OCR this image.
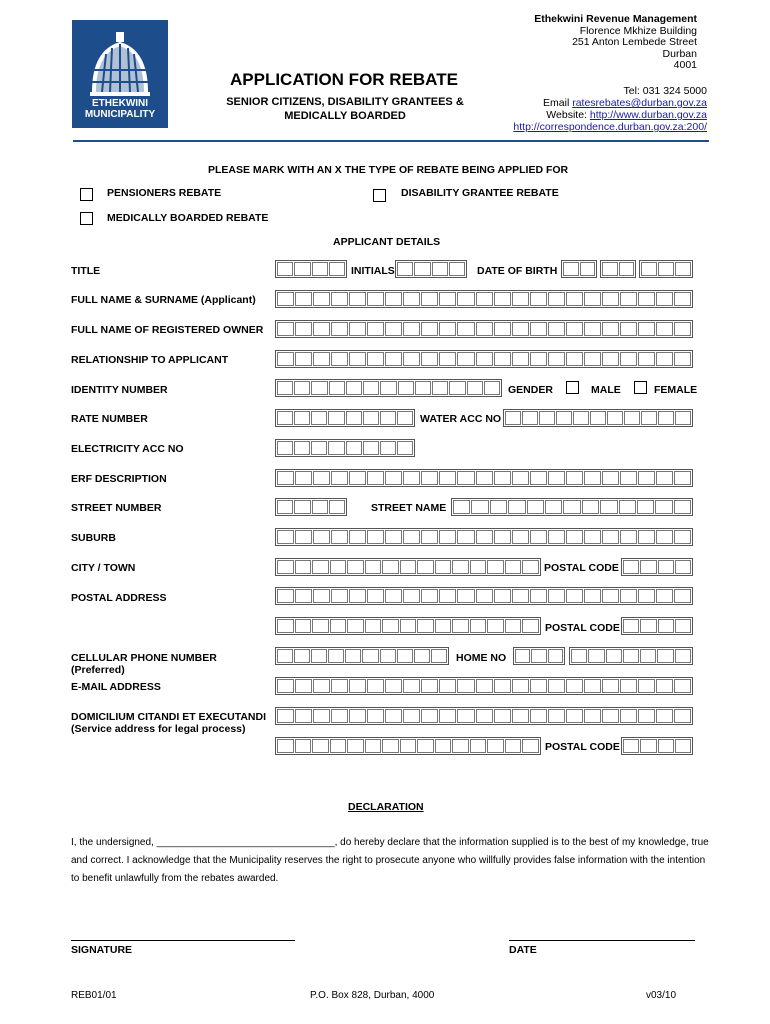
ETHEKWINI
MUNICIPALITY
Ethekwini Revenue Management
Florence Mkhize Building
251 Anton Lembede Street
Durban
4001
Tel: 031 324 5000
Email ratesrebates@durban.gov.za
Website: http://www.durban.gov.za
http://correspondence.durban.gov.za:200/
APPLICATION FOR REBATE
SENIOR CITIZENS, DISABILITY GRANTEES & MEDICALLY BOARDED
PLEASE MARK WITH AN X THE TYPE OF REBATE BEING APPLIED FOR
PENSIONERS REBATE	DISABILITY GRANTEE REBATE
MEDICALLY BOARDED REBATE
APPLICANT DETAILS
TITLE	INITIALS	DATE OF BIRTH
FULL NAME & SURNAME (Applicant)
FULL NAME OF REGISTERED OWNER
RELATIONSHIP TO APPLICANT
IDENTITY NUMBER	GENDER	MALE	FEMALE
RATE NUMBER	WATER ACC NO
ELECTRICITY ACC NO
ERF DESCRIPTION
STREET NUMBER	STREET NAME
SUBURB
CITY / TOWN	POSTAL CODE
POSTAL ADDRESS
POSTAL CODE
CELLULAR PHONE NUMBER
(Preferred)
HOME NO
E-MAIL ADDRESS
DOMICILIUM CITANDI ET EXECUTANDI
(Service address for legal process)
POSTAL CODE
DECLARATION
I, the undersigned, ________________________________, do hereby declare that the information supplied is to the best of my knowledge, true and correct. I acknowledge that the Municipality reserves the right to prosecute anyone who willfully provides false information with the intention to benefit unlawfully from the rebates awarded.
SIGNATURE	DATE
REB01/01	P.O. Box 828, Durban, 4000	v03/10
